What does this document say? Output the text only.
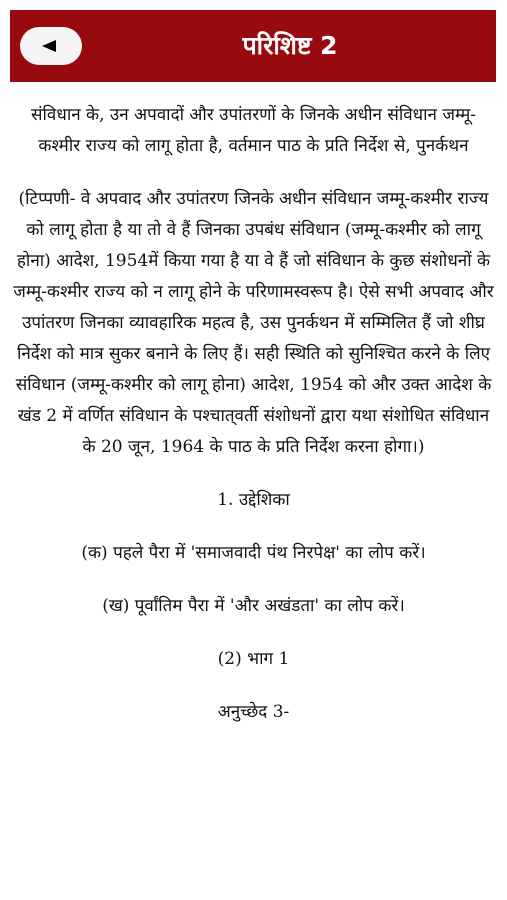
परिशिष्ट 2

संविधान के, उन अपवादों और उपांतरणों के जिनके अधीन संविधान जम्मू-कश्मीर राज्य को लागू होता है, वर्तमान पाठ के प्रति निर्देश से, पुनर्कथन

(टिप्पणी- वे अपवाद और उपांतरण जिनके अधीन संविधान जम्मू-कश्मीर राज्य को लागू होता है या तो वे हैं जिनका उपबंध संविधान (जम्मू-कश्मीर को लागू होना) आदेश, 1954में किया गया है या वे हैं जो संविधान के कुछ संशोधनों के जम्मू-कश्मीर राज्य को न लागू होने के परिणामस्वरूप है। ऐसे सभी अपवाद और उपांतरण जिनका व्यावहारिक महत्व है, उस पुनर्कथन में सम्मिलित हैं जो शीघ्र निर्देश को मात्र सुकर बनाने के लिए हैं। सही स्थिति को सुनिश्चित करने के लिए संविधान (जम्मू-कश्मीर को लागू होना) आदेश, 1954 को और उक्त आदेश के खंड 2 में वर्णित संविधान के पश्चात्‌वर्ती संशोधनों द्वारा यथा संशोधित संविधान के 20 जून, 1964 के पाठ के प्रति निर्देश करना होगा।)

1. उद्देशिका

(क) पहले पैरा में 'समाजवादी पंथ निरपेक्ष' का लोप करें।

(ख) पूर्वांतिम पैरा में 'और अखंडता' का लोप करें।

(2) भाग 1

अनुच्छेद 3-
